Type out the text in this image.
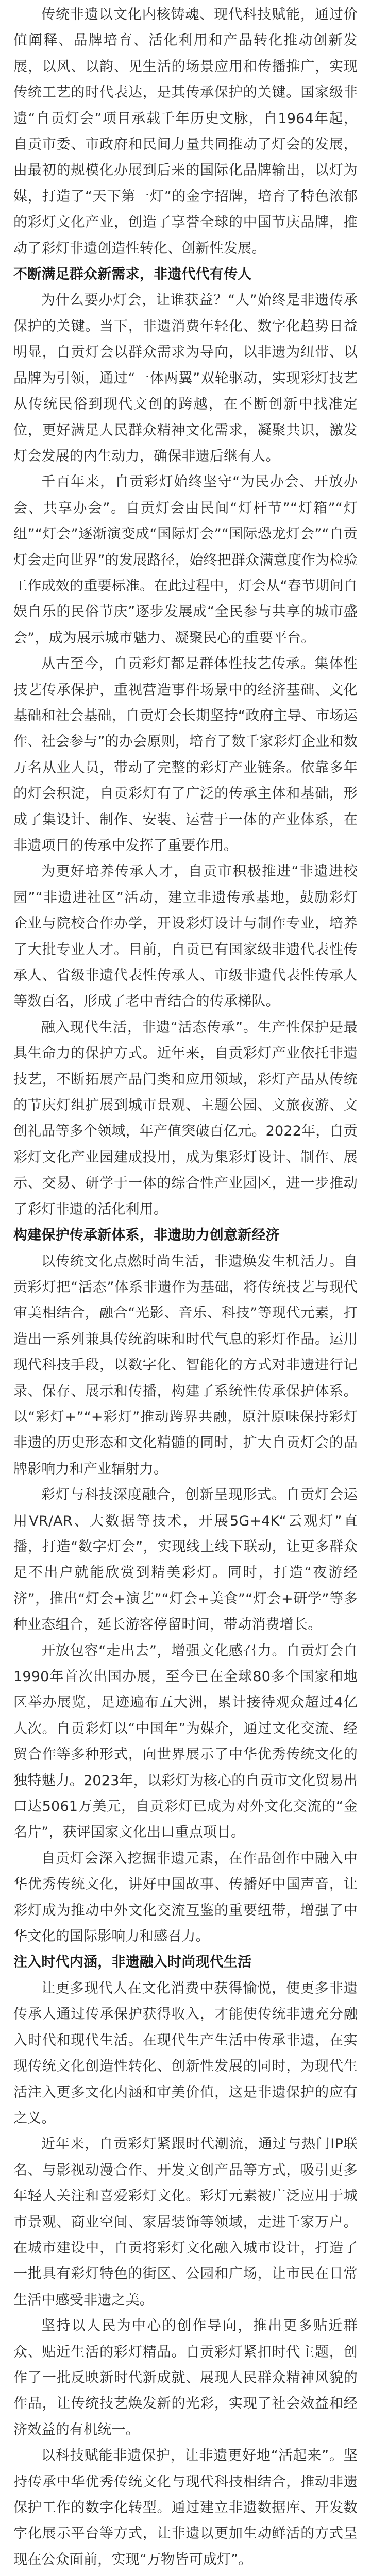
传统非遗以文化内核铸魂、现代科技赋能，通过价值阐释、品牌培育、活化利用和产品转化推动创新发展，以风、以韵、见生活的场景应用和传播推广，实现传统工艺的时代表达，是其传承保护的关键。国家级非遗“自贡灯会”项目承载千年历史文脉，自1964年起，自贡市委、市政府和民间力量共同推动了灯会的发展，由最初的规模化办展到后来的国际化品牌输出，以灯为媒，打造了“天下第一灯”的金字招牌，培育了特色浓郁的彩灯文化产业，创造了享誉全球的中国节庆品牌，推动了彩灯非遗创造性转化、创新性发展。

不断满足群众新需求，非遗代代有传人

为什么要办灯会，让谁获益？“人”始终是非遗传承保护的关键。当下，非遗消费年轻化、数字化趋势日益明显，自贡灯会以群众需求为导向，以非遗为纽带、以品牌为引领，通过“一体两翼”双轮驱动，实现彩灯技艺从传统民俗到现代文创的跨越，在不断创新中找准定位，更好满足人民群众精神文化需求，凝聚共识，激发灯会发展的内生动力，确保非遗后继有人。

千百年来，自贡彩灯始终坚守“为民办会、开放办会、共享办会”。自贡灯会由民间“灯杆节”“灯箱”“灯组”“灯会”逐渐演变成“国际灯会”“国际恐龙灯会”“自贡灯会走向世界”的发展路径，始终把群众满意度作为检验工作成效的重要标准。在此过程中，灯会从“春节期间自娱自乐的民俗节庆”逐步发展成“全民参与共享的城市盛会”，成为展示城市魅力、凝聚民心的重要平台。

从古至今，自贡彩灯都是群体性技艺传承。集体性技艺传承保护，重视营造事件场景中的经济基础、文化基础和社会基础，自贡灯会长期坚持“政府主导、市场运作、社会参与”的办会原则，培育了数千家彩灯企业和数万名从业人员，带动了完整的彩灯产业链条。依靠多年的灯会积淀，自贡彩灯有了广泛的传承主体和基础，形成了集设计、制作、安装、运营于一体的产业体系，在非遗项目的传承中发挥了重要作用。

为更好培养传承人才，自贡市积极推进“非遗进校园”“非遗进社区”活动，建立非遗传承基地，鼓励彩灯企业与院校合作办学，开设彩灯设计与制作专业，培养了大批专业人才。目前，自贡已有国家级非遗代表性传承人、省级非遗代表性传承人、市级非遗代表性传承人等数百名，形成了老中青结合的传承梯队。

融入现代生活，非遗“活态传承”。生产性保护是最具生命力的保护方式。近年来，自贡彩灯产业依托非遗技艺，不断拓展产品门类和应用领域，彩灯产品从传统的节庆灯组扩展到城市景观、主题公园、文旅夜游、文创礼品等多个领域，年产值突破百亿元。2022年，自贡彩灯文化产业园建成投用，成为集彩灯设计、制作、展示、交易、研学于一体的综合性产业园区，进一步推动了彩灯非遗的活化利用。

构建保护传承新体系，非遗助力创意新经济

以传统文化点燃时尚生活，非遗焕发生机活力。自贡彩灯把“活态”体系非遗作为基础，将传统技艺与现代审美相结合，融合“光影、音乐、科技”等现代元素，打造出一系列兼具传统韵味和时代气息的彩灯作品。运用现代科技手段，以数字化、智能化的方式对非遗进行记录、保存、展示和传播，构建了系统性传承保护体系。以“彩灯+”“+彩灯”推动跨界共融，原汁原味保持彩灯非遗的历史形态和文化精髓的同时，扩大自贡灯会的品牌影响力和产业辐射力。

彩灯与科技深度融合，创新呈现形式。自贡灯会运用VR/AR、大数据等技术，开展5G+4K“云观灯”直播，打造“数字灯会”，实现线上线下联动，让更多群众足不出户就能欣赏到精美彩灯。同时，打造“夜游经济”，推出“灯会+演艺”“灯会+美食”“灯会+研学”等多种业态组合，延长游客停留时间，带动消费增长。

开放包容“走出去”，增强文化感召力。自贡灯会自1990年首次出国办展，至今已在全球80多个国家和地区举办展览，足迹遍布五大洲，累计接待观众超过4亿人次。自贡彩灯以“中国年”为媒介，通过文化交流、经贸合作等多种形式，向世界展示了中华优秀传统文化的独特魅力。2023年，以彩灯为核心的自贡市文化贸易出口达5061万美元，自贡彩灯已成为对外文化交流的“金名片”，获评国家文化出口重点项目。

自贡灯会深入挖掘非遗元素，在作品创作中融入中华优秀传统文化，讲好中国故事、传播好中国声音，让彩灯成为推动中外文化交流互鉴的重要纽带，增强了中华文化的国际影响力和感召力。

注入时代内涵，非遗融入时尚现代生活

让更多现代人在文化消费中获得愉悦，使更多非遗传承人通过传承保护获得收入，才能使传统非遗充分融入时代和现代生活。在现代生产生活中传承非遗，在实现传统文化创造性转化、创新性发展的同时，为现代生活注入更多文化内涵和审美价值，这是非遗保护的应有之义。

近年来，自贡彩灯紧跟时代潮流，通过与热门IP联名、与影视动漫合作、开发文创产品等方式，吸引更多年轻人关注和喜爱彩灯文化。彩灯元素被广泛应用于城市景观、商业空间、家居装饰等领域，走进千家万户。在城市建设中，自贡将彩灯文化融入城市设计，打造了一批具有彩灯特色的街区、公园和广场，让市民在日常生活中感受非遗之美。

坚持以人民为中心的创作导向，推出更多贴近群众、贴近生活的彩灯精品。自贡彩灯紧扣时代主题，创作了一批反映新时代新成就、展现人民群众精神风貌的作品，让传统技艺焕发新的光彩，实现了社会效益和经济效益的有机统一。

以科技赋能非遗保护，让非遗更好地“活起来”。坚持传承中华优秀传统文化与现代科技相结合，推动非遗保护工作的数字化转型。通过建立非遗数据库、开发数字化展示平台等方式，让非遗以更加生动鲜活的方式呈现在公众面前，实现“万物皆可成灯”。
